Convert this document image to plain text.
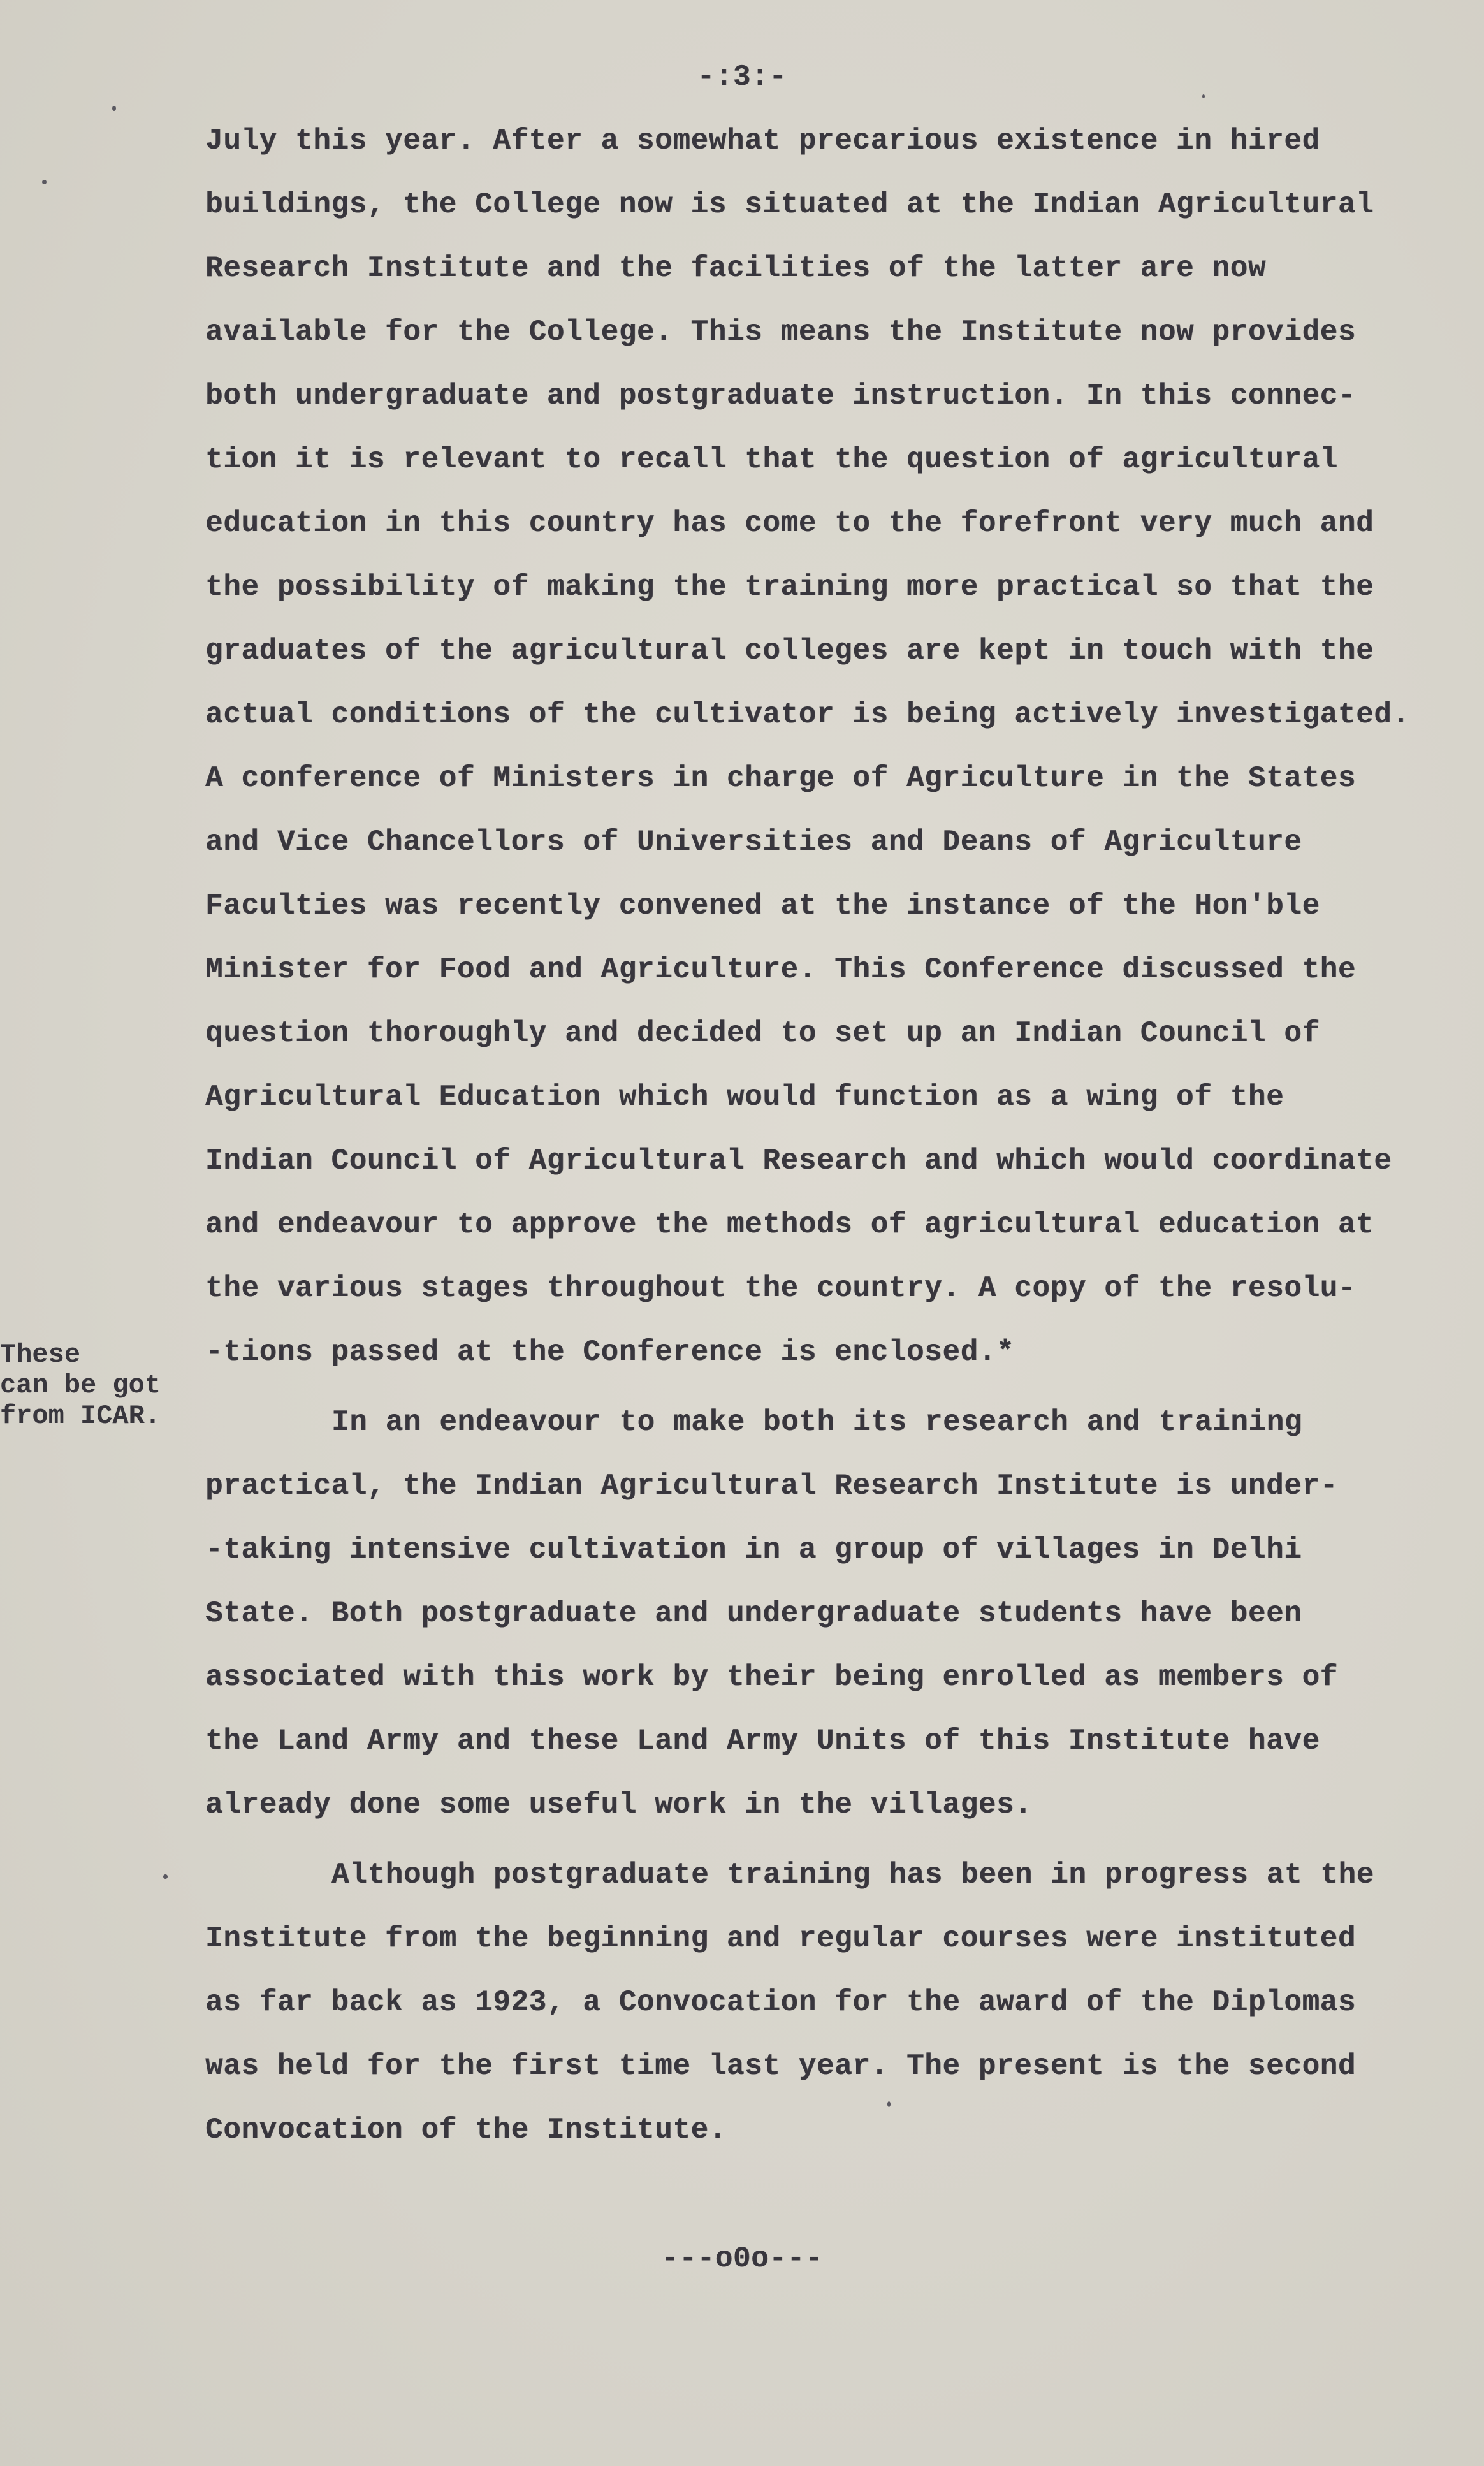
-:3:-
July this year. After a somewhat precarious existence in hired
buildings, the College now is situated at the Indian Agricultural
Research Institute and the facilities of the latter are now
available for the College. This means the Institute now provides
both undergraduate and postgraduate instruction. In this connec-
tion it is relevant to recall that the question of agricultural
education in this country has come to the forefront very much and
the possibility of making the training more practical so that the
graduates of the agricultural colleges are kept in touch with the
actual conditions of the cultivator is being actively investigated.
A conference of Ministers in charge of Agriculture in the States
and Vice Chancellors of Universities and Deans of Agriculture
Faculties was recently convened at the instance of the Hon'ble
Minister for Food and Agriculture. This Conference discussed the
question thoroughly and decided to set up an Indian Council of
Agricultural Education which would function as a wing of the
Indian Council of Agricultural Research and which would coordinate
and endeavour to approve the methods of agricultural education at
the various stages throughout the country. A copy of the resolu-
-tions passed at the Conference is enclosed.*
These
can be got
from ICAR.	In an endeavour to make both its research and training
practical, the Indian Agricultural Research Institute is under-
-taking intensive cultivation in a group of villages in Delhi
State. Both postgraduate and undergraduate students have been
associated with this work by their being enrolled as members of
the Land Army and these Land Army Units of this Institute have
already done some useful work in the villages.
Although postgraduate training has been in progress at the
Institute from the beginning and regular courses were instituted
as far back as 1923, a Convocation for the award of the Diplomas
was held for the first time last year. The present is the second
Convocation of the Institute.
---o0o---
